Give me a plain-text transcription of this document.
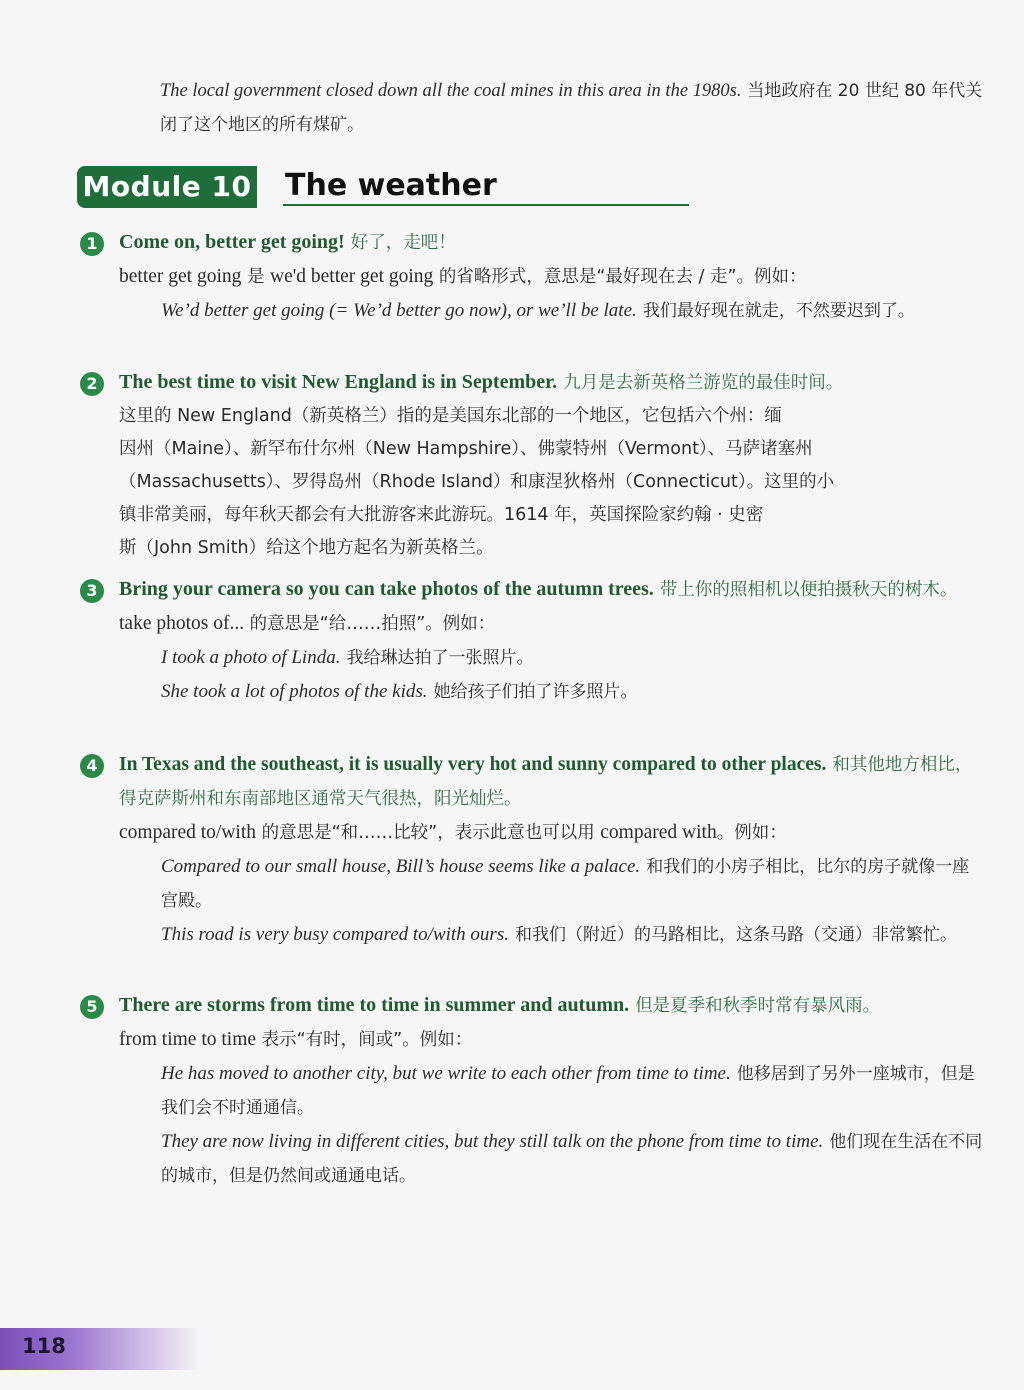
The local government closed down all the coal mines in this area in the 1980s. 当地政府在 20 世纪 80 年代关闭了这个地区的所有煤矿。
Module 10 The weather
1	Come on, better get going! 好了，走吧！
better get going 是 we'd better get going 的省略形式，意思是“最好现在去 / 走”。例如：
We’d better get going (= We’d better go now), or we’ll be late. 我们最好现在就走，不然要迟到了。
2	The best time to visit New England is in September. 九月是去新英格兰游览的最佳时间。
这里的 New England（新英格兰）指的是美国东北部的一个地区，它包括六个州：缅
因州（Maine）、新罕布什尔州（New Hampshire）、佛蒙特州（Vermont）、马萨诸塞州
（Massachusetts）、罗得岛州（Rhode Island）和康涅狄格州（Connecticut）。这里的小
镇非常美丽，每年秋天都会有大批游客来此游玩。1614 年，英国探险家约翰 · 史密
斯（John Smith）给这个地方起名为新英格兰。
3	Bring your camera so you can take photos of the autumn trees. 带上你的照相机以便拍摄秋天的树木。
take photos of... 的意思是“给……拍照”。例如：
I took a photo of Linda. 我给琳达拍了一张照片。
She took a lot of photos of the kids. 她给孩子们拍了许多照片。
4	In Texas and the southeast, it is usually very hot and sunny compared to other places. 和其他地方相比，得克萨斯州和东南部地区通常天气很热，阳光灿烂。
compared to/with 的意思是“和……比较”，表示此意也可以用 compared with。例如：
Compared to our small house, Bill’s house seems like a palace. 和我们的小房子相比，比尔的房子就像一座宫殿。
This road is very busy compared to/with ours. 和我们（附近）的马路相比，这条马路（交通）非常繁忙。
5	There are storms from time to time in summer and autumn. 但是夏季和秋季时常有暴风雨。
from time to time 表示“有时，间或”。例如：
He has moved to another city, but we write to each other from time to time. 他移居到了另外一座城市，但是我们会不时通通信。
They are now living in different cities, but they still talk on the phone from time to time. 他们现在生活在不同的城市，但是仍然间或通通电话。
118
